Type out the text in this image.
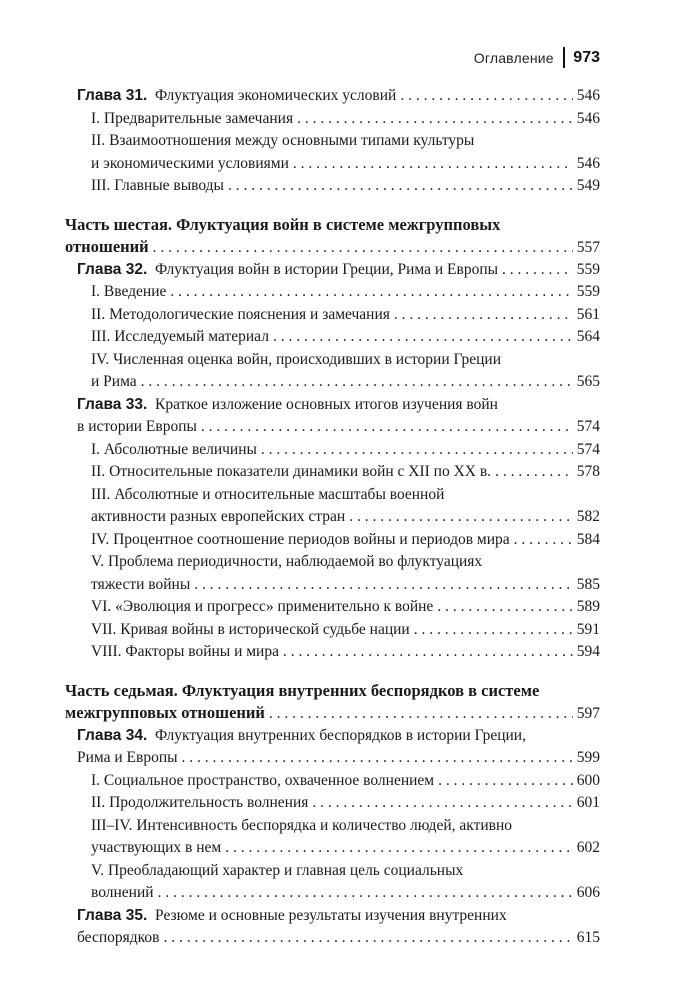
Оглавление 973
Глава 31. Флуктуация экономических условий . . .	546
I. Предварительные замечания . . .	546
II. Взаимоотношения между основными типами культуры
и экономическими условиями . . .	546
III. Главные выводы . . .	549
Часть шестая. Флуктуация войн в системе межгрупповых
отношений . . .	557
Глава 32. Флуктуация войн в истории Греции, Рима и Европы . . .	559
I. Введение . . .	559
II. Методологические пояснения и замечания . . .	561
III. Исследуемый материал . . .	564
IV. Численная оценка войн, происходивших в истории Греции
и Рима . . .	565
Глава 33. Краткое изложение основных итогов изучения войн
в истории Европы . . .	574
I. Абсолютные величины . . .	574
II. Относительные показатели динамики войн с XII по XX в. . . .	578
III. Абсолютные и относительные масштабы военной
активности разных европейских стран . . .	582
IV. Процентное соотношение периодов войны и периодов мира . . .	584
V. Проблема периодичности, наблюдаемой во флуктуациях
тяжести войны . . .	585
VI. «Эволюция и прогресс» применительно к войне . . .	589
VII. Кривая войны в исторической судьбе нации . . .	591
VIII. Факторы войны и мира . . .	594
Часть седьмая. Флуктуация внутренних беспорядков в системе
межгрупповых отношений . . .	597
Глава 34. Флуктуация внутренних беспорядков в истории Греции,
Рима и Европы . . .	599
I. Социальное пространство, охваченное волнением . . .	600
II. Продолжительность волнения . . .	601
III–IV. Интенсивность беспорядка и количество людей, активно
участвующих в нем . . .	602
V. Преобладающий характер и главная цель социальных
волнений . . .	606
Глава 35. Резюме и основные результаты изучения внутренних
беспорядков . . .	615
